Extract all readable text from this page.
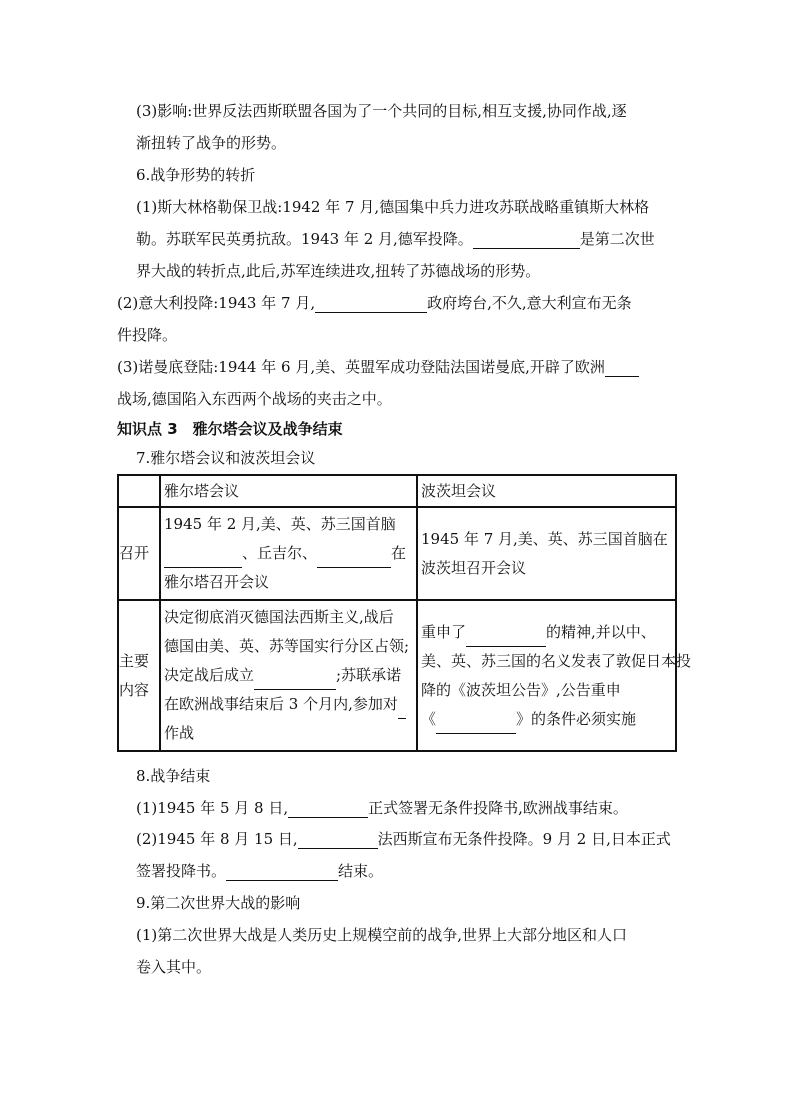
(3)影响:世界反法西斯联盟各国为了一个共同的目标,相互支援,协同作战,逐
渐扭转了战争的形势。
6.战争形势的转折
(1)斯大林格勒保卫战:1942 年 7 月,德国集中兵力进攻苏联战略重镇斯大林格
勒。苏联军民英勇抗敌。1943 年 2 月,德军投降。	是第二次世
界大战的转折点,此后,苏军连续进攻,扭转了苏德战场的形势。
(2)意大利投降:1943 年 7 月,	政府垮台,不久,意大利宣布无条
件投降。
(3)诺曼底登陆:1944 年 6 月,美、英盟军成功登陆法国诺曼底,开辟了欧洲
战场,德国陷入东西两个战场的夹击之中。
知识点 3　雅尔塔会议及战争结束
7.雅尔塔会议和波茨坦会议
	雅尔塔会议	波茨坦会议
召开	1945 年 2 月,美、英、苏三国首脑
、丘吉尔、 在
雅尔塔召开会议	1945 年 7 月,美、英、苏三国首脑在
波茨坦召开会议

主要
内容	决定彻底消灭德国法西斯主义,战后
德国由美、英、苏等国实行分区占领;
决定战后成立 ;苏联承诺
在欧洲战事结束后 3 个月内,参加对
作战	重申了 的精神,并以中、
美、英、苏三国的名义发表了敦促日本投
降的《波茨坦公告》,公告重申
《 》的条件必须实施
8.战争结束
(1)1945 年 5 月 8 日,	正式签署无条件投降书,欧洲战事结束。
(2)1945 年 8 月 15 日,	法西斯宣布无条件投降。9 月 2 日,日本正式
签署投降书。	结束。
9.第二次世界大战的影响
(1)第二次世界大战是人类历史上规模空前的战争,世界上大部分地区和人口
卷入其中。
